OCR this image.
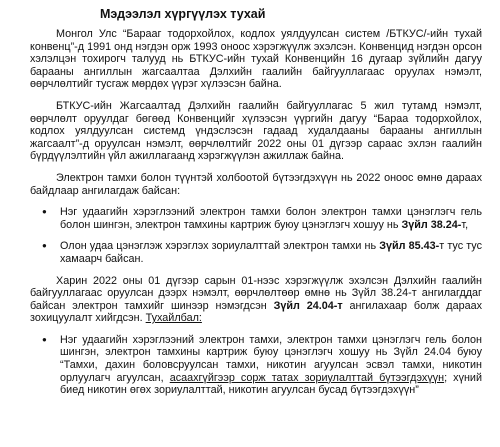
Мэдээлэл хүргүүлэх тухай

Монгол Улс “Барааг тодорхойлох, кодлох уялдуулсан систем /БТКУС/-ийн тухай конвенц”-д 1991 онд нэгдэн орж 1993 оноос хэрэгжүүлж эхэлсэн. Конвенцид нэгдэн орсон хэлэлцэн тохирогч талууд нь БТКУС-ийн тухай Конвенцийн 16 дугаар зүйлийн дагуу барааны ангиллын жагсаалтаа Дэлхийн гаалийн байгууллагаас оруулах нэмэлт, өөрчлөлтийг тусгаж мөрдөх үүрэг хүлээсэн байна.

БТКУС-ийн Жагсаалтад Дэлхийн гаалийн байгууллагас 5 жил тутамд нэмэлт, өөрчлөлт оруулдаг бөгөөд Конвенцийг хүлээсэн үүргийн дагуу “Бараа тодорхойлох, кодлох уялдуулсан системд үндэслэсэн гадаад худалдааны барааны ангиллын жагсаалт”-д оруулсан нэмэлт, өөрчлөлтийг 2022 оны 01 дүгээр сараас эхлэн гаалийн бүрдүүлэлтийн үйл ажиллагаанд хэрэгжүүлэн ажиллаж байна.

Электрон тамхи болон түүнтэй холбоотой бүтээгдэхүүн нь 2022 оноос өмнө дараах байдлаар ангилагдаж байсан:

● Нэг удаагийн хэрэглээний электрон тамхи болон электрон тамхи цэнэглэгч гель болон шингэн, электрон тамхины картриж буюу цэнэглэгч хошуу нь Зүйл 38.24-т,
● Олон удаа цэнэглэж хэрэглэх зориулалттай электрон тамхи нь Зүйл 85.43-т тус тус хамаарч байсан.

Харин 2022 оны 01 дүгээр сарын 01-нээс хэрэгжүүлж эхэлсэн Дэлхийн гаалийн байгууллагаас оруулсан дээрх нэмэлт, өөрчлөлтөөр өмнө нь Зүйл 38.24-т ангилагддаг байсан электрон тамхийг шинээр нэмэгдсэн Зүйл 24.04-т ангилахаар болж дараах зохицуулалт хийгдсэн. Тухайлбал:

● Нэг удаагийн хэрэглээний электрон тамхи, электрон тамхи цэнэглэгч гель болон шингэн, электрон тамхины картриж буюу цэнэглэгч хошуу нь Зүйл 24.04 буюу “Тамхи, дахин боловсруулсан тамхи, никотин агуулсан эсвэл тамхи, никотин орлуулагч агуулсан, асаахгүйгээр сорж татах зориулалттай бүтээгдэхүүн; хүний биед никотин өгөх зориулалттай, никотин агуулсан бусад бүтээгдэхүүн”
